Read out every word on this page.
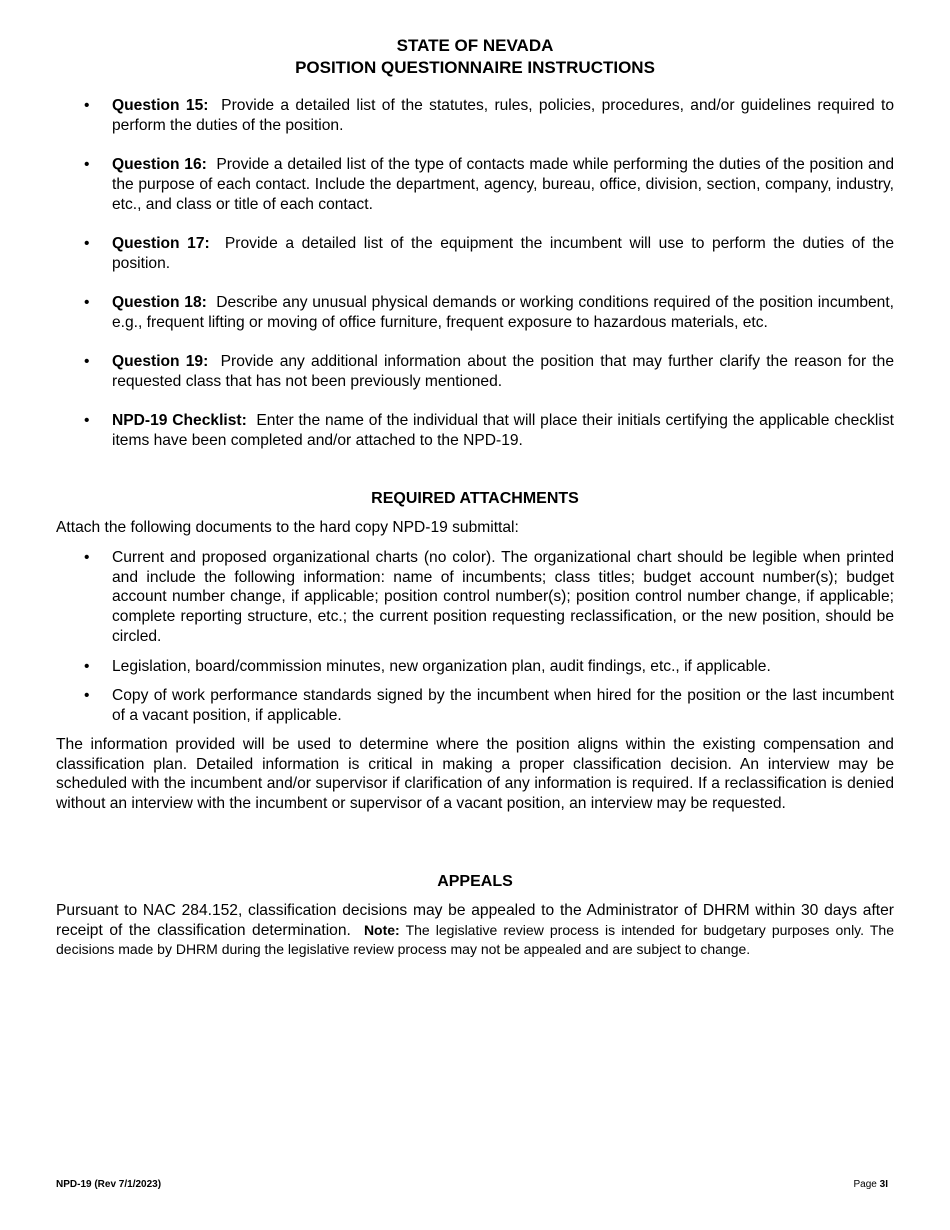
STATE OF NEVADA
POSITION QUESTIONNAIRE INSTRUCTIONS
• Question 15: Provide a detailed list of the statutes, rules, policies, procedures, and/or guidelines required to perform the duties of the position.
• Question 16: Provide a detailed list of the type of contacts made while performing the duties of the position and the purpose of each contact. Include the department, agency, bureau, office, division, section, company, industry, etc., and class or title of each contact.
• Question 17: Provide a detailed list of the equipment the incumbent will use to perform the duties of the position.
• Question 18: Describe any unusual physical demands or working conditions required of the position incumbent, e.g., frequent lifting or moving of office furniture, frequent exposure to hazardous materials, etc.
• Question 19: Provide any additional information about the position that may further clarify the reason for the requested class that has not been previously mentioned.
• NPD-19 Checklist: Enter the name of the individual that will place their initials certifying the applicable checklist items have been completed and/or attached to the NPD-19.
REQUIRED ATTACHMENTS
Attach the following documents to the hard copy NPD-19 submittal:
• Current and proposed organizational charts (no color). The organizational chart should be legible when printed and include the following information: name of incumbents; class titles; budget account number(s); budget account number change, if applicable; position control number(s); position control number change, if applicable; complete reporting structure, etc.; the current position requesting reclassification, or the new position, should be circled.
• Legislation, board/commission minutes, new organization plan, audit findings, etc., if applicable.
• Copy of work performance standards signed by the incumbent when hired for the position or the last incumbent of a vacant position, if applicable.
The information provided will be used to determine where the position aligns within the existing compensation and classification plan. Detailed information is critical in making a proper classification decision. An interview may be scheduled with the incumbent and/or supervisor if clarification of any information is required. If a reclassification is denied without an interview with the incumbent or supervisor of a vacant position, an interview may be requested.
APPEALS
Pursuant to NAC 284.152, classification decisions may be appealed to the Administrator of DHRM within 30 days after receipt of the classification determination. Note: The legislative review process is intended for budgetary purposes only. The decisions made by DHRM during the legislative review process may not be appealed and are subject to change.
NPD-19 (Rev 7/1/2023)	Page 3I
